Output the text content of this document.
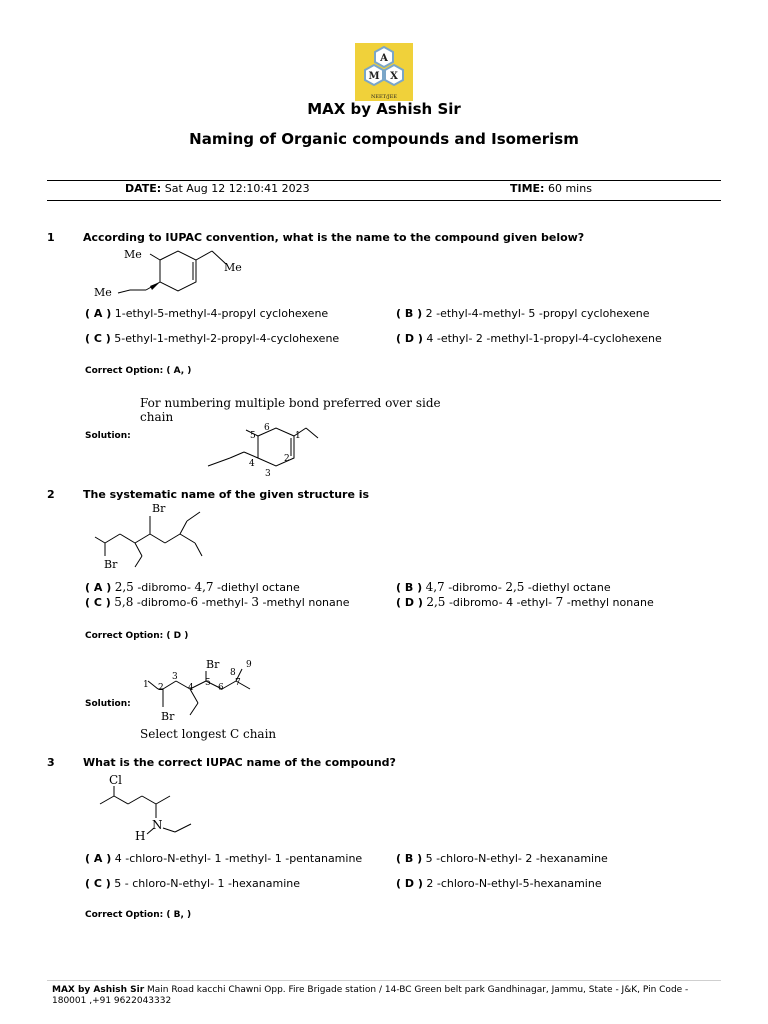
A
M X
NEET/JEE
MAX by Ashish Sir
Naming of Organic compounds and Isomerism
DATE: Sat Aug 12 12:10:41 2023	TIME: 60 mins
1	According to IUPAC convention, what is the name to the compound given below?
Me
Me
Me
( A ) 1-ethyl-5-methyl-4-propyl cyclohexene	( B ) 2 -ethyl-4-methyl- 5 -propyl cyclohexene
( C ) 5-ethyl-1-methyl-2-propyl-4-cyclohexene	( D ) 4 -ethyl- 2 -methyl-1-propyl-4-cyclohexene
Correct Option: ( A, )
For numbering multiple bond preferred over side
chain
Solution:	1
2
3
4
5
6
2	The systematic name of the given structure is
Br
Br
( A ) 2,5 -dibromo- 4,7 -diethyl octane	( B ) 4,7 -dibromo- 2,5 -diethyl octane
( C ) 5,8 -dibromo-6 -methyl- 3 -methyl nonane	( D ) 2,5 -dibromo- 4 -ethyl- 7 -methyl nonane
Correct Option: ( D )
Solution:
Br
Br
1 2
3
4 5 6 7
8
9
Select longest C chain
3	What is the correct IUPAC name of the compound?
Cl
N
H
( A ) 4 -chloro-N-ethyl- 1 -methyl- 1 -pentanamine	( B ) 5 -chloro-N-ethyl- 2 -hexanamine
( C ) 5 - chloro-N-ethyl- 1 -hexanamine	( D ) 2 -chloro-N-ethyl-5-hexanamine
Correct Option: ( B, )
MAX by Ashish Sir Main Road kacchi Chawni Opp. Fire Brigade station / 14-BC Green belt park Gandhinagar, Jammu, State - J&K, Pin Code - 180001 ,+91 9622043332
